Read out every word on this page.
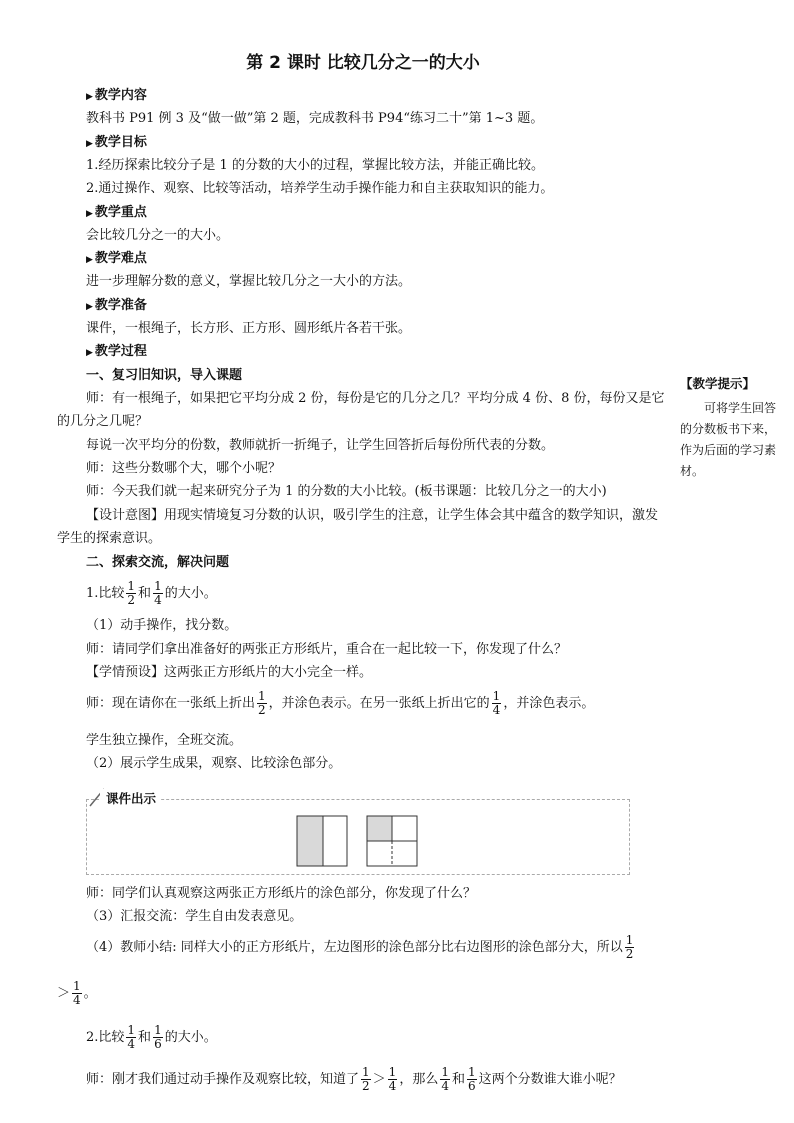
第 2 课时 比较几分之一的大小
▶ 教学内容
教科书 P91 例 3 及“做一做”第 2 题，完成教科书 P94“练习二十”第 1~3 题。
▶ 教学目标
1.经历探索比较分子是 1 的分数的大小的过程，掌握比较方法，并能正确比较。
2.通过操作、观察、比较等活动，培养学生动手操作能力和自主获取知识的能力。
▶ 教学重点
会比较几分之一的大小。
▶ 教学难点
进一步理解分数的意义，掌握比较几分之一大小的方法。
▶ 教学准备
课件，一根绳子，长方形、正方形、圆形纸片各若干张。
▶ 教学过程
一、复习旧知识，导入课题
师：有一根绳子，如果把它平均分成 2 份，每份是它的几分之几？平均分成 4 份、8 份，每份又是它的几分之几呢？
每说一次平均分的份数，教师就折一折绳子，让学生回答折后每份所代表的分数。
师：这些分数哪个大，哪个小呢？
师：今天我们就一起来研究分子为 1 的分数的大小比较。(板书课题：比较几分之一的大小)
【设计意图】用现实情境复习分数的认识，吸引学生的注意，让学生体会其中蕴含的数学知识，激发学生的探索意识。
二、探索交流，解决问题
1.比较 $\frac{1}{2}$ 和 $\frac{1}{4}$ 的大小。
（1）动手操作，找分数。
师：请同学们拿出准备好的两张正方形纸片，重合在一起比较一下，你发现了什么？
【学情预设】这两张正方形纸片的大小完全一样。
师：现在请你在一张纸上折出 $\frac{1}{2}$ ，并涂色表示。在另一张纸上折出它的 $\frac{1}{4}$ ，并涂色表示。
学生独立操作，全班交流。
（2）展示学生成果，观察、比较涂色部分。
课件出示
师：同学们认真观察这两张正方形纸片的涂色部分，你发现了什么？
（3）汇报交流：学生自由发表意见。
（4）教师小结: 同样大小的正方形纸片，左边图形的涂色部分比右边图形的涂色部分大，所以 $\frac{1}{2}$
＞ $\frac{1}{4}$ 。
2.比较 $\frac{1}{4}$ 和 $\frac{1}{6}$ 的大小。
师：刚才我们通过动手操作及观察比较，知道了 $\frac{1}{2} > \frac{1}{4}$ ，那么 $\frac{1}{4}$ 和 $\frac{1}{6}$ 这两个分数谁大谁小呢？
【教学提示】
可将学生回答的分数板书下来，作为后面的学习素材。
